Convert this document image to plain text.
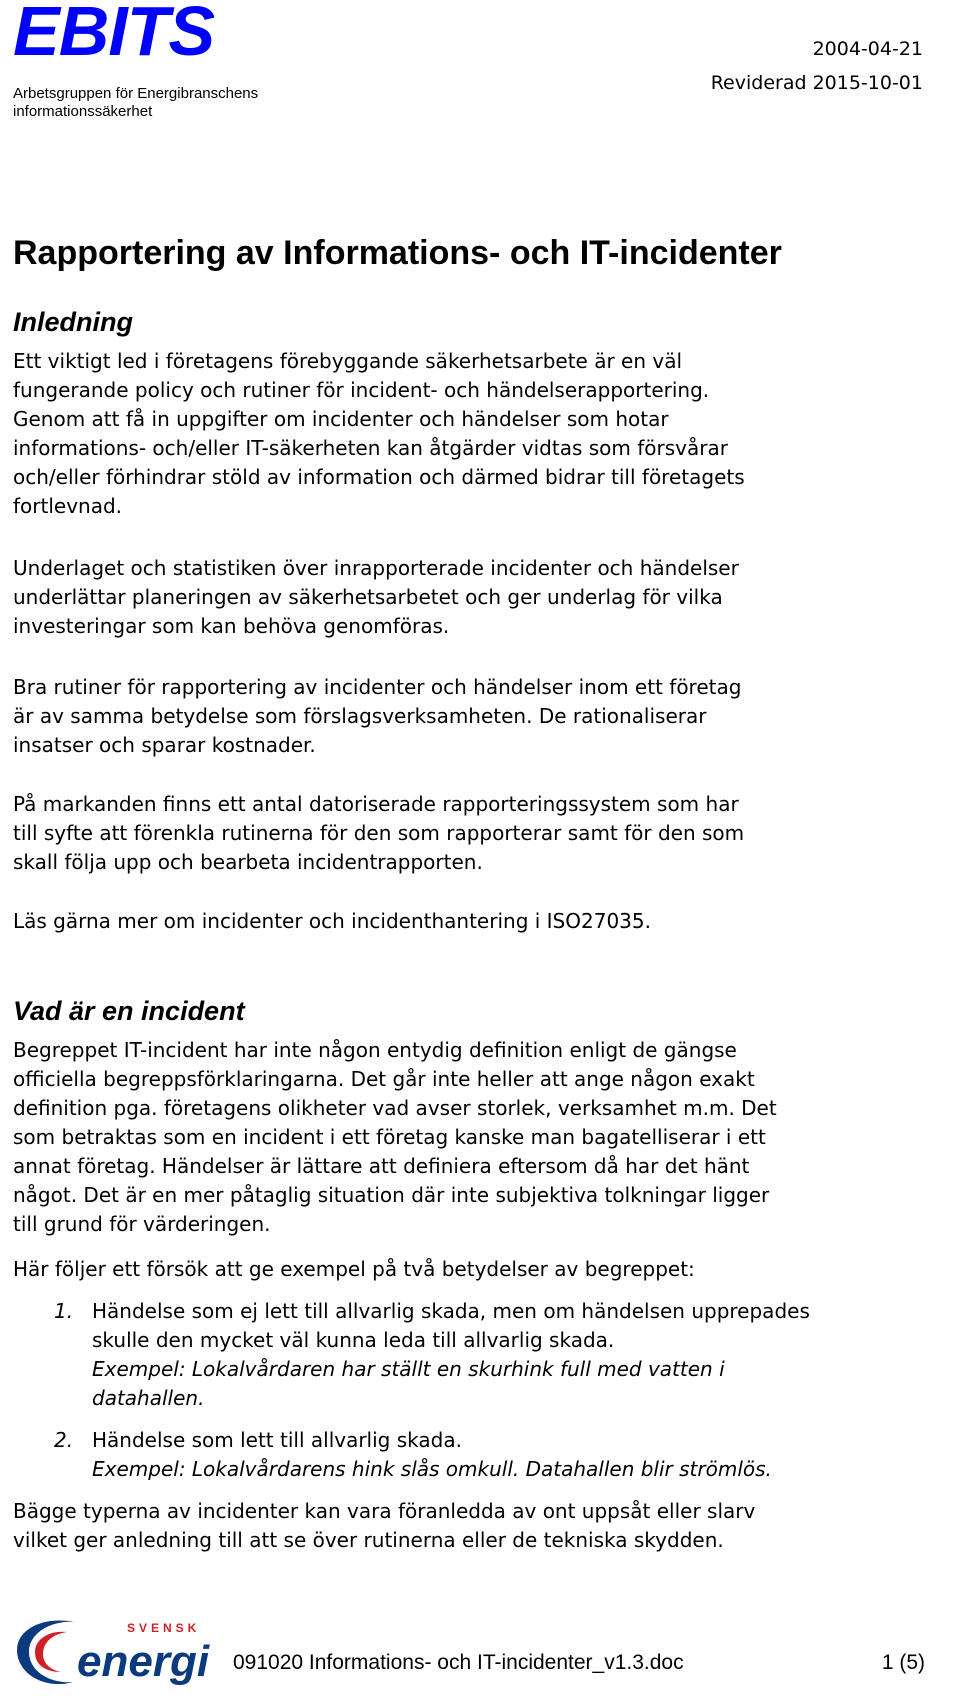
EBITS
Arbetsgruppen för Energibranschens
informationssäkerhet
2004-04-21
Reviderad 2015-10-01
Rapportering av Informations- och IT-incidenter
Inledning
Ett viktigt led i företagens förebyggande säkerhetsarbete är en väl
fungerande policy och rutiner för incident- och händelserapportering.
Genom att få in uppgifter om incidenter och händelser som hotar
informations- och/eller IT-säkerheten kan åtgärder vidtas som försvårar
och/eller förhindrar stöld av information och därmed bidrar till företagets
fortlevnad.
Underlaget och statistiken över inrapporterade incidenter och händelser
underlättar planeringen av säkerhetsarbetet och ger underlag för vilka
investeringar som kan behöva genomföras.
Bra rutiner för rapportering av incidenter och händelser inom ett företag
är av samma betydelse som förslagsverksamheten. De rationaliserar
insatser och sparar kostnader.
På markanden finns ett antal datoriserade rapporteringssystem som har
till syfte att förenkla rutinerna för den som rapporterar samt för den som
skall följa upp och bearbeta incidentrapporten.
Läs gärna mer om incidenter och incidenthantering i ISO27035.
Vad är en incident
Begreppet IT-incident har inte någon entydig definition enligt de gängse
officiella begreppsförklaringarna. Det går inte heller att ange någon exakt
definition pga. företagens olikheter vad avser storlek, verksamhet m.m. Det
som betraktas som en incident i ett företag kanske man bagatelliserar i ett
annat företag. Händelser är lättare att definiera eftersom då har det hänt
något. Det är en mer påtaglig situation där inte subjektiva tolkningar ligger
till grund för värderingen.
Här följer ett försök att ge exempel på två betydelser av begreppet:
1. Händelse som ej lett till allvarlig skada, men om händelsen upprepades
skulle den mycket väl kunna leda till allvarlig skada.
Exempel: Lokalvårdaren har ställt en skurhink full med vatten i
datahallen.
2. Händelse som lett till allvarlig skada.
Exempel: Lokalvårdarens hink slås omkull. Datahallen blir strömlös.
Bägge typerna av incidenter kan vara föranledda av ont uppsåt eller slarv
vilket ger anledning till att se över rutinerna eller de tekniska skydden.
SVENSK
energi 091020 Informations- och IT-incidenter_v1.3.doc	1 (5)
